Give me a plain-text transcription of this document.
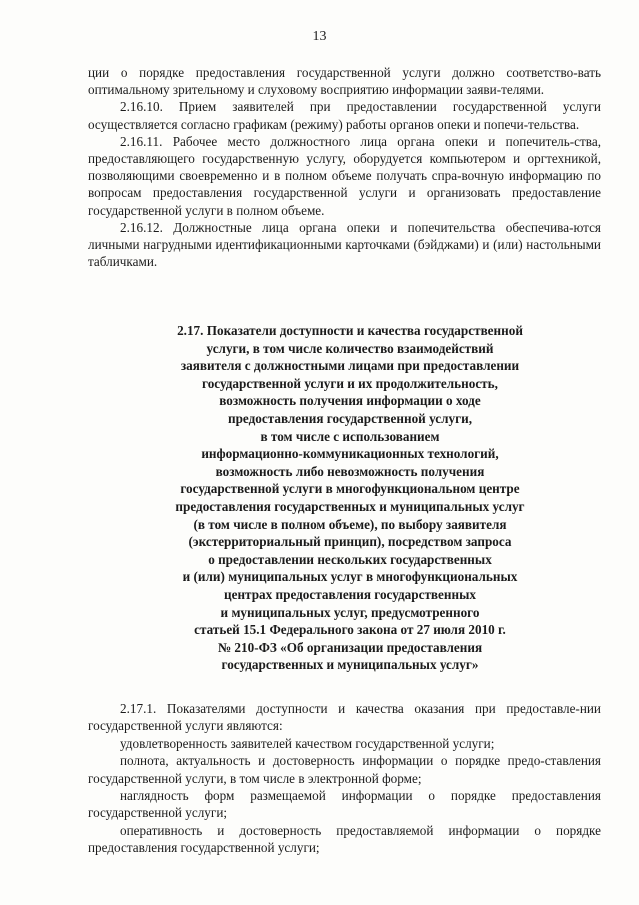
13

ции о порядке предоставления государственной услуги должно соответство-вать оптимальному зрительному и слуховому восприятию информации заяви-телями.

2.16.10. Прием заявителей при предоставлении государственной услуги осуществляется согласно графикам (режиму) работы органов опеки и попечи-тельства.

2.16.11. Рабочее место должностного лица органа опеки и попечитель-ства, предоставляющего государственную услугу, оборудуется компьютером и оргтехникой, позволяющими своевременно и в полном объеме получать спра-вочную информацию по вопросам предоставления государственной услуги и организовать предоставление государственной услуги в полном объеме.

2.16.12. Должностные лица органа опеки и попечительства обеспечива-ются личными нагрудными идентификационными карточками (бэйджами) и (или) настольными табличками.

2.17. Показатели доступности и качества государственной
услуги, в том числе количество взаимодействий
заявителя с должностными лицами при предоставлении
государственной услуги и их продолжительность,
возможность получения информации о ходе
предоставления государственной услуги,
в том числе с использованием
информационно-коммуникационных технологий,
возможность либо невозможность получения
государственной услуги в многофункциональном центре
предоставления государственных и муниципальных услуг
(в том числе в полном объеме), по выбору заявителя
(экстерриториальный принцип), посредством запроса
о предоставлении нескольких государственных
и (или) муниципальных услуг в многофункциональных
центрах предоставления государственных
и муниципальных услуг, предусмотренного
статьей 15.1 Федерального закона от 27 июля 2010 г.
№ 210-ФЗ «Об организации предоставления
государственных и муниципальных услуг»

2.17.1. Показателями доступности и качества оказания при предоставле-нии государственной услуги являются:

удовлетворенность заявителей качеством государственной услуги;

полнота, актуальность и достоверность информации о порядке предо-ставления государственной услуги, в том числе в электронной форме;

наглядность форм размещаемой информации о порядке предоставления государственной услуги;

оперативность и достоверность предоставляемой информации о порядке предоставления государственной услуги;
